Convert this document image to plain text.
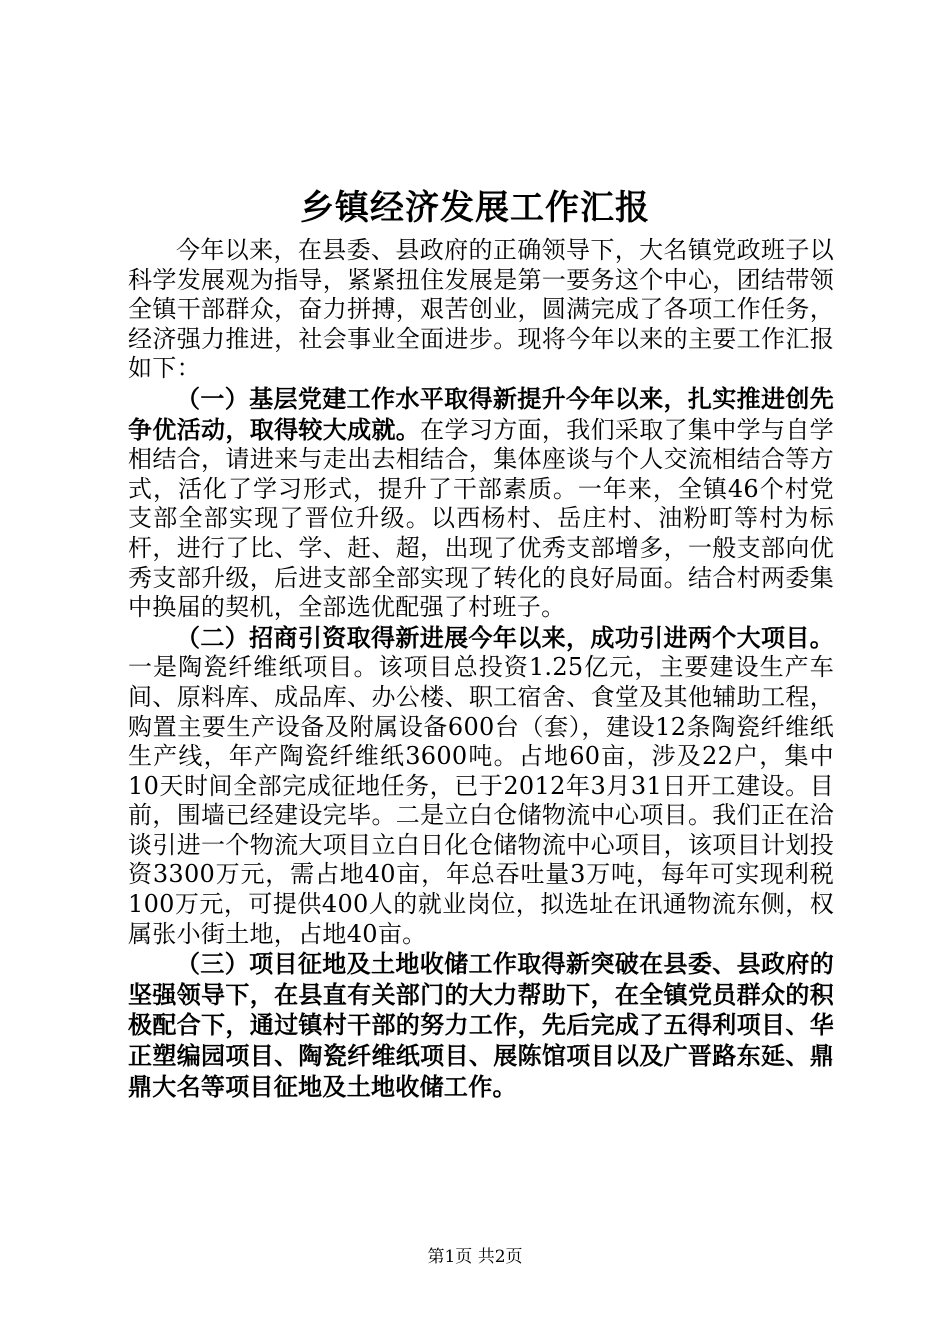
乡镇经济发展工作汇报

今年以来，在县委、县政府的正确领导下，大名镇党政班子以科学发展观为指导，紧紧扭住发展是第一要务这个中心，团结带领全镇干部群众，奋力拼搏，艰苦创业，圆满完成了各项工作任务，经济强力推进，社会事业全面进步。现将今年以来的主要工作汇报如下：

（一）基层党建工作水平取得新提升今年以来，扎实推进创先争优活动，取得较大成就。在学习方面，我们采取了集中学与自学相结合，请进来与走出去相结合，集体座谈与个人交流相结合等方式，活化了学习形式，提升了干部素质。一年来，全镇46个村党支部全部实现了晋位升级。以西杨村、岳庄村、油粉町等村为标杆，进行了比、学、赶、超，出现了优秀支部增多，一般支部向优秀支部升级，后进支部全部实现了转化的良好局面。结合村两委集中换届的契机，全部选优配强了村班子。

（二）招商引资取得新进展今年以来，成功引进两个大项目。一是陶瓷纤维纸项目。该项目总投资1.25亿元，主要建设生产车间、原料库、成品库、办公楼、职工宿舍、食堂及其他辅助工程，购置主要生产设备及附属设备600台（套），建设12条陶瓷纤维纸生产线，年产陶瓷纤维纸3600吨。占地60亩，涉及22户，集中10天时间全部完成征地任务，已于2012年3月31日开工建设。目前，围墙已经建设完毕。二是立白仓储物流中心项目。我们正在洽谈引进一个物流大项目立白日化仓储物流中心项目，该项目计划投资3300万元，需占地40亩，年总吞吐量3万吨，每年可实现利税100万元，可提供400人的就业岗位，拟选址在讯通物流东侧，权属张小街土地，占地40亩。

（三）项目征地及土地收储工作取得新突破在县委、县政府的坚强领导下，在县直有关部门的大力帮助下，在全镇党员群众的积极配合下，通过镇村干部的努力工作，先后完成了五得利项目、华正塑编园项目、陶瓷纤维纸项目、展陈馆项目以及广晋路东延、鼎鼎大名等项目征地及土地收储工作。

第1页 共2页
